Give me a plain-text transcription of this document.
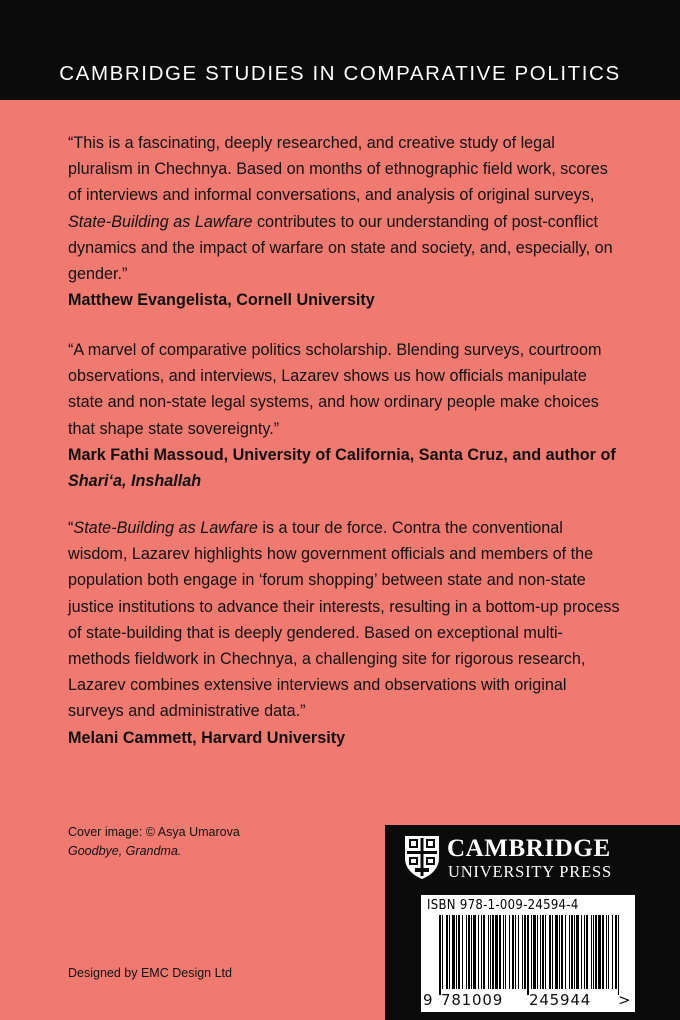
CAMBRIDGE STUDIES IN COMPARATIVE POLITICS

“This is a fascinating, deeply researched, and creative study of legal pluralism in Chechnya. Based on months of ethnographic field work, scores of interviews and informal conversations, and analysis of original surveys, State-Building as Lawfare contributes to our understanding of post-conflict dynamics and the impact of warfare on state and society, and, especially, on gender.”

Matthew Evangelista, Cornell University

“A marvel of comparative politics scholarship. Blending surveys, courtroom observations, and interviews, Lazarev shows us how officials manipulate state and non-state legal systems, and how ordinary people make choices that shape state sovereignty.”

Mark Fathi Massoud, University of California, Santa Cruz, and author of Shari‘a, Inshallah

“State-Building as Lawfare is a tour de force. Contra the conventional wisdom, Lazarev highlights how government officials and members of the population both engage in ‘forum shopping’ between state and non-state justice institutions to advance their interests, resulting in a bottom-up process of state-building that is deeply gendered. Based on exceptional multi-methods fieldwork in Chechnya, a challenging site for rigorous research, Lazarev combines extensive interviews and observations with original surveys and administrative data.”

Melani Cammett, Harvard University

Cover image: © Asya Umarova
Goodbye, Grandma.
Designed by EMC Design Ltd
CAMBRIDGE
UNIVERSITY PRESS
ISBN 978-1-009-24594-4
9 781009 245944 >
